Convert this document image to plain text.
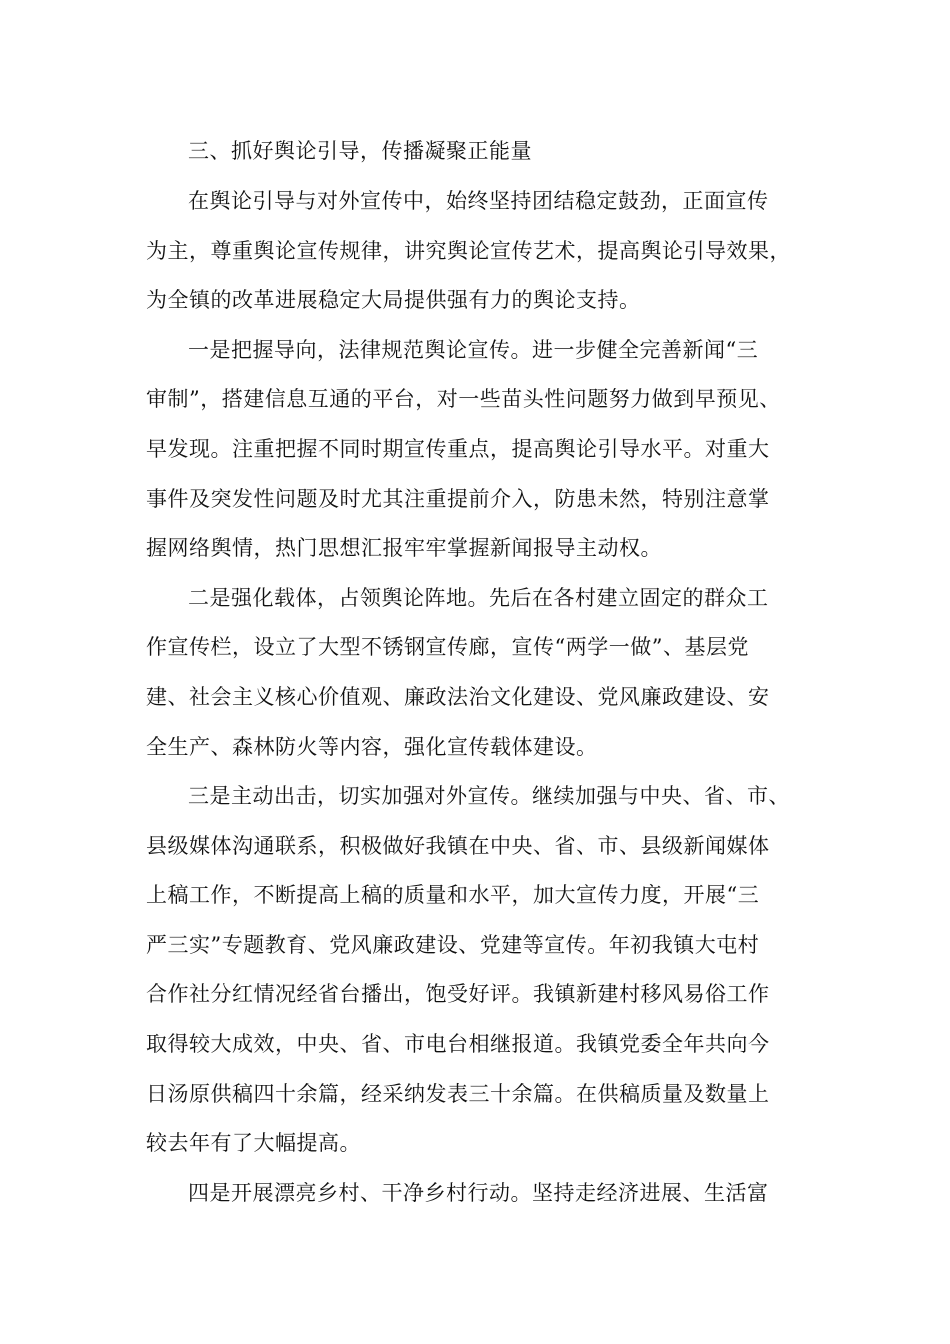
三、抓好舆论引导，传播凝聚正能量
在舆论引导与对外宣传中，始终坚持团结稳定鼓劲，正面宣传
为主，尊重舆论宣传规律，讲究舆论宣传艺术，提高舆论引导效果，
为全镇的改革进展稳定大局提供强有力的舆论支持。
一是把握导向，法律规范舆论宣传。进一步健全完善新闻“三
审制”，搭建信息互通的平台，对一些苗头性问题努力做到早预见、
早发现。注重把握不同时期宣传重点，提高舆论引导水平。对重大
事件及突发性问题及时尤其注重提前介入，防患未然，特别注意掌
握网络舆情，热门思想汇报牢牢掌握新闻报导主动权。
二是强化载体，占领舆论阵地。先后在各村建立固定的群众工
作宣传栏，设立了大型不锈钢宣传廊，宣传“两学一做”、基层党
建、社会主义核心价值观、廉政法治文化建设、党风廉政建设、安
全生产、森林防火等内容，强化宣传载体建设。
三是主动出击，切实加强对外宣传。继续加强与中央、省、市、
县级媒体沟通联系，积极做好我镇在中央、省、市、县级新闻媒体
上稿工作，不断提高上稿的质量和水平，加大宣传力度，开展“三
严三实”专题教育、党风廉政建设、党建等宣传。年初我镇大屯村
合作社分红情况经省台播出，饱受好评。我镇新建村移风易俗工作
取得较大成效，中央、省、市电台相继报道。我镇党委全年共向今
日汤原供稿四十余篇，经采纳发表三十余篇。在供稿质量及数量上
较去年有了大幅提高。
四是开展漂亮乡村、干净乡村行动。坚持走经济进展、生活富
